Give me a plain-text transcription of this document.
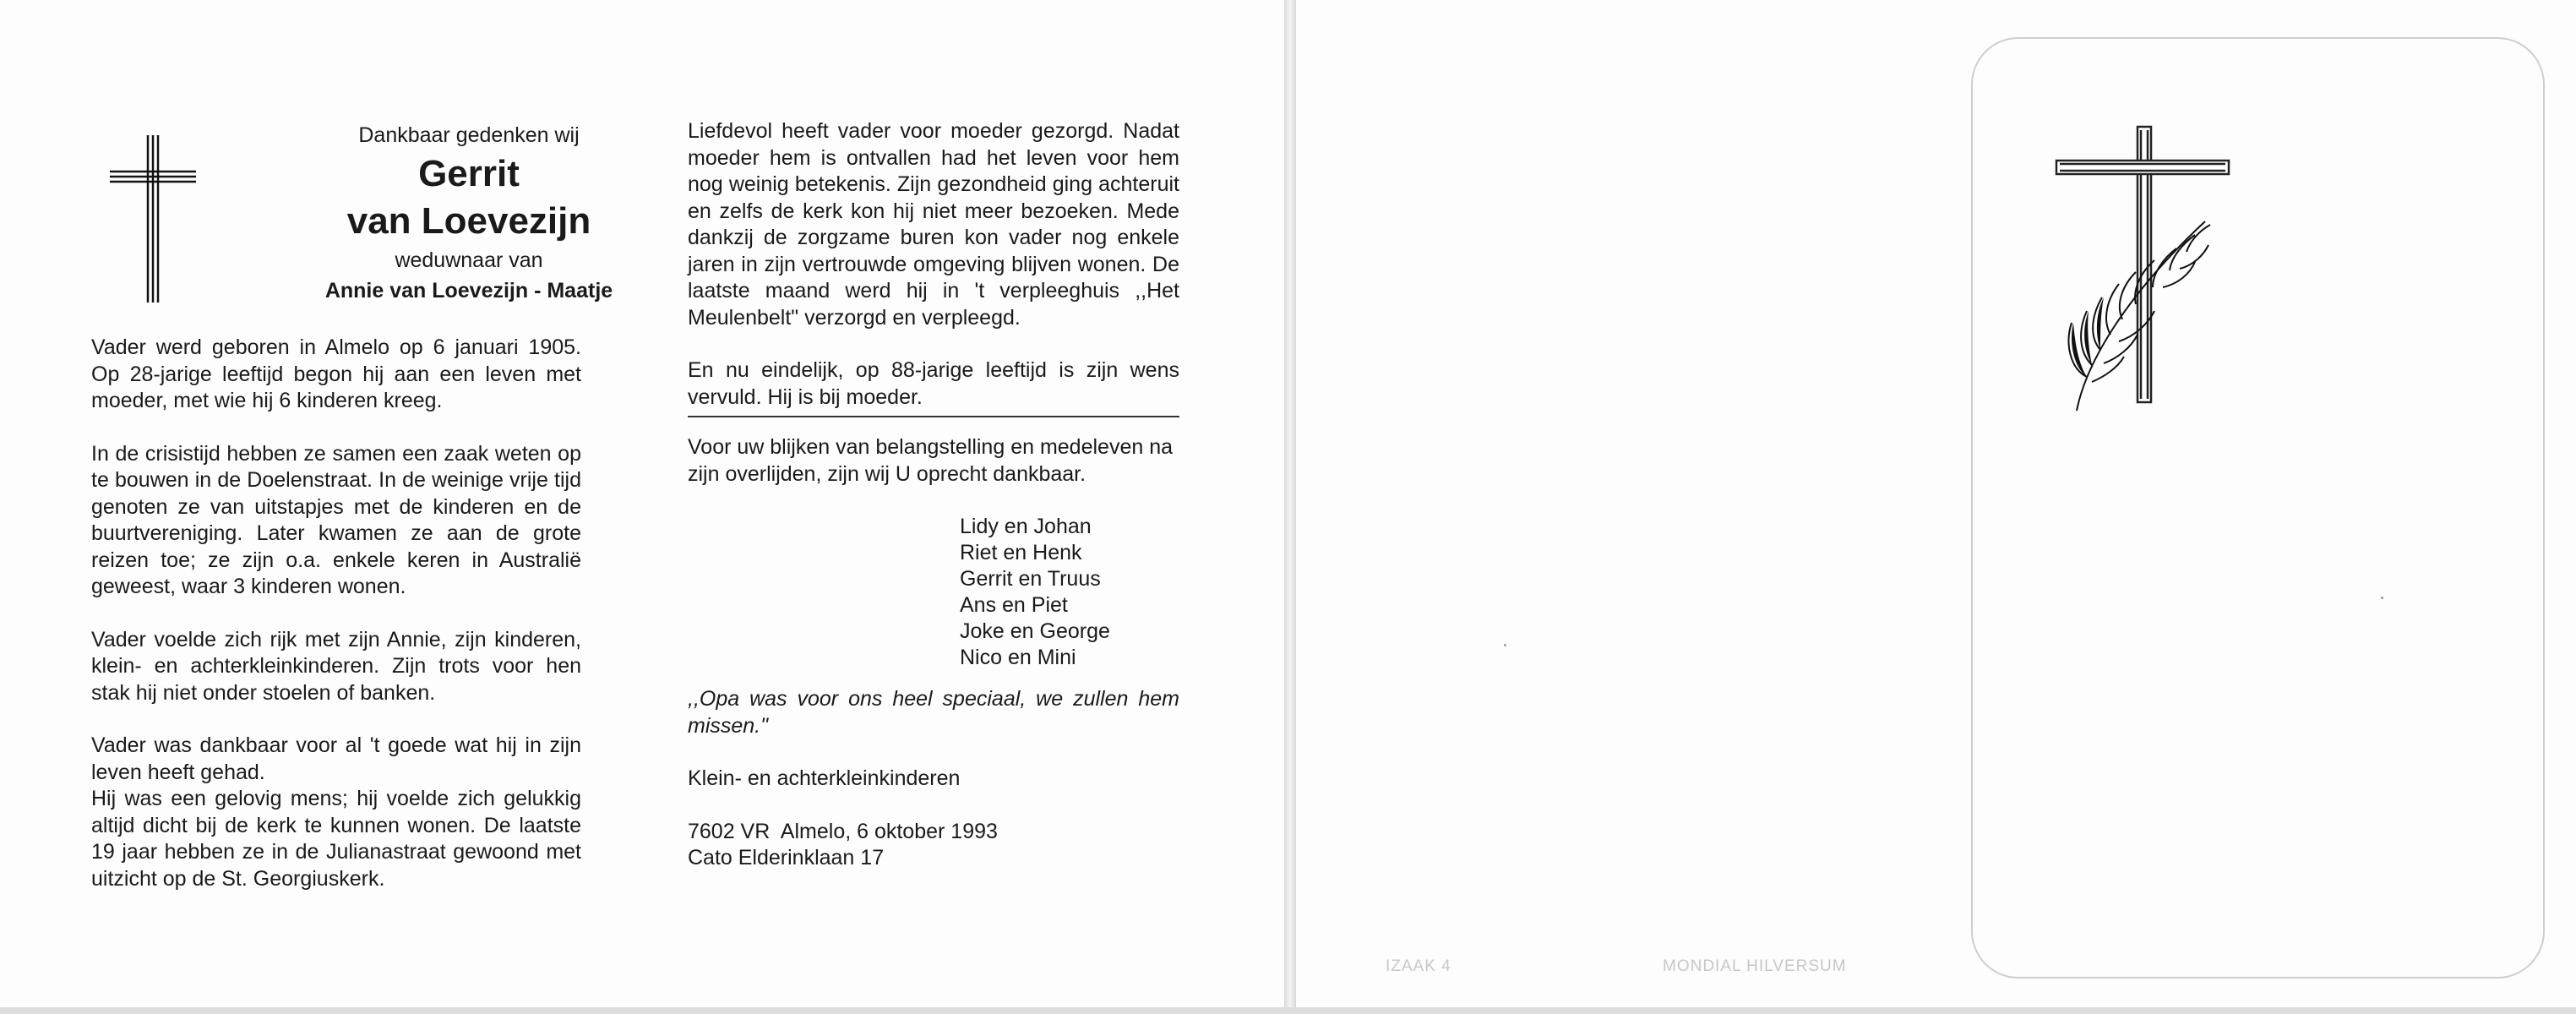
Dankbaar gedenken wij
Gerrit
van Loevezijn
weduwnaar van
Annie van Loevezijn - Maatje

Vader werd geboren in Almelo op 6 januari 1905. Op 28-jarige leeftijd begon hij aan een leven met moeder, met wie hij 6 kinderen kreeg.

In de crisistijd hebben ze samen een zaak weten op te bouwen in de Doelenstraat. In de weinige vrije tijd genoten ze van uitstapjes met de kinderen en de buurtvereniging. Later kwamen ze aan de grote reizen toe; ze zijn o.a. enkele keren in Australië geweest, waar 3 kinderen wonen.

Vader voelde zich rijk met zijn Annie, zijn kinderen, klein- en achterkleinkinderen. Zijn trots voor hen stak hij niet onder stoelen of banken.

Vader was dankbaar voor al 't goede wat hij in zijn leven heeft gehad.

Hij was een gelovig mens; hij voelde zich gelukkig altijd dicht bij de kerk te kunnen wonen. De laatste 19 jaar hebben ze in de Julianastraat gewoond met uitzicht op de St. Georgiuskerk.

Liefdevol heeft vader voor moeder gezorgd. Nadat moeder hem is ontvallen had het leven voor hem nog weinig betekenis. Zijn gezondheid ging achteruit en zelfs de kerk kon hij niet meer bezoeken. Mede dankzij de zorgzame buren kon vader nog enkele jaren in zijn vertrouwde omgeving blijven wonen. De laatste maand werd hij in 't verpleeghuis ,,Het Meulenbelt" verzorgd en verpleegd.

En nu eindelijk, op 88-jarige leeftijd is zijn wens vervuld. Hij is bij moeder.

Voor uw blijken van belangstelling en medeleven na zijn overlijden, zijn wij U oprecht dankbaar.

Lidy en Johan
Riet en Henk
Gerrit en Truus
Ans en Piet
Joke en George
Nico en Mini

,,Opa was voor ons heel speciaal, we zullen hem missen."

Klein- en achterkleinkinderen

7602 VR  Almelo, 6 oktober 1993
Cato Elderinklaan 17
IZAAK 4	MONDIAL HILVERSUM
